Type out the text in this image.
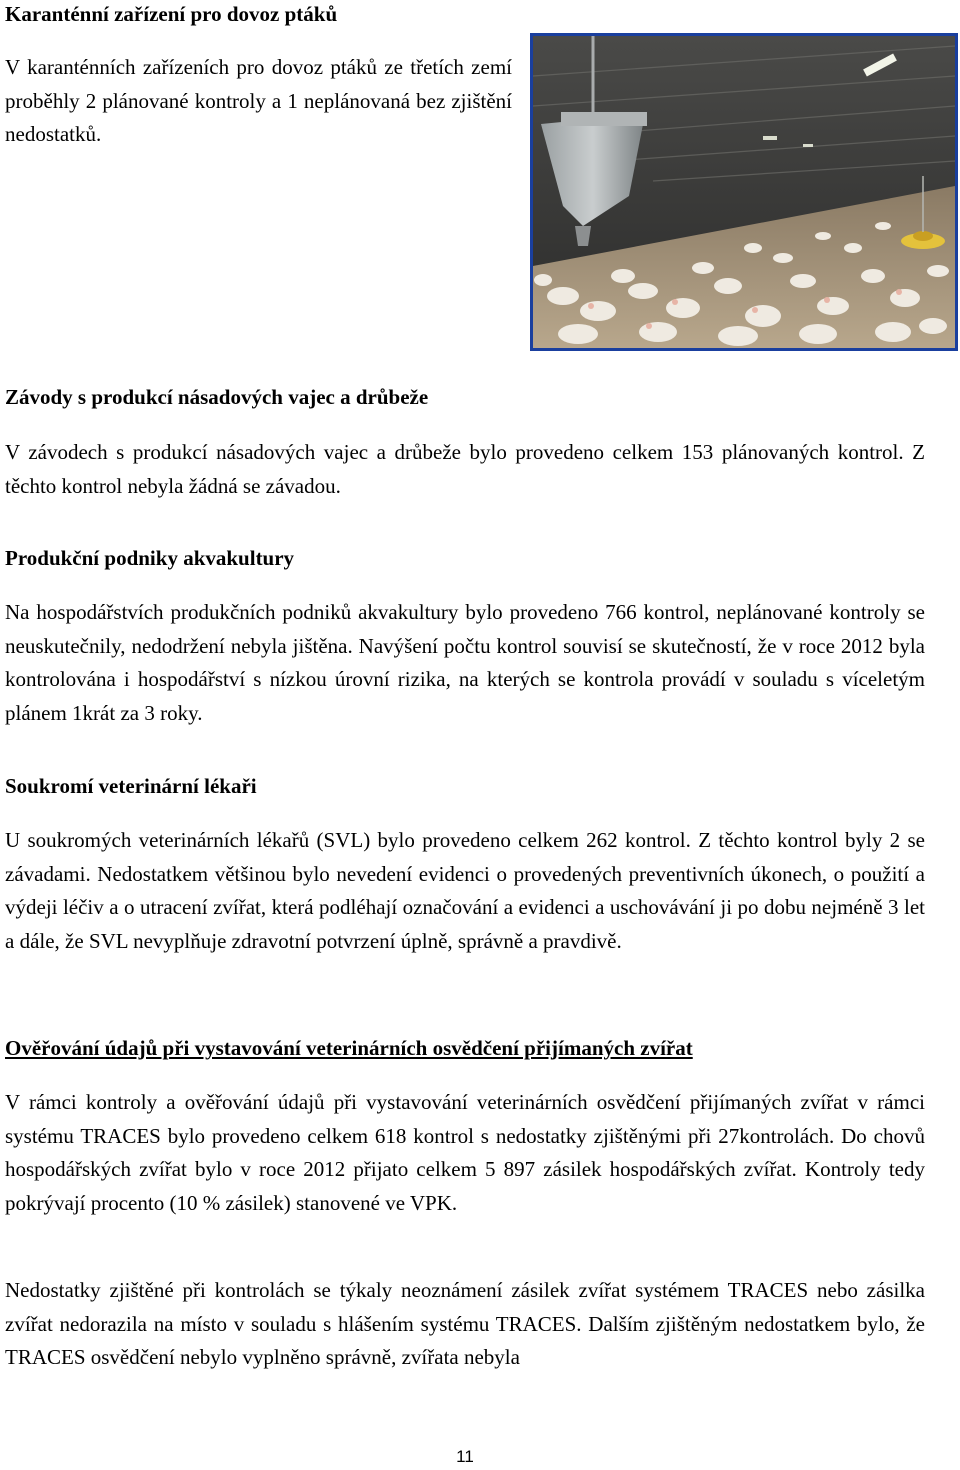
Karanténní zařízení pro dovoz ptáků

V karanténních zařízeních pro dovoz ptáků ze třetích zemí proběhly 2 plánované kontroly a 1 neplánovaná bez zjištění nedostatků.

Závody s produkcí násadových vajec a drůbeže

V závodech s produkcí násadových vajec a drůbeže bylo provedeno celkem 153 plánovaných kontrol. Z těchto kontrol nebyla žádná se závadou.

Produkční podniky akvakultury

Na hospodářstvích produkčních podniků akvakultury bylo provedeno 766 kontrol, neplánované kontroly se neuskutečnily, nedodržení nebyla jištěna. Navýšení počtu kontrol souvisí se skutečností, že v roce 2012 byla kontrolována i hospodářství s nízkou úrovní rizika, na kterých se kontrola provádí v souladu s víceletým plánem 1krát za 3 roky.

Soukromí veterinární lékaři

U soukromých veterinárních lékařů (SVL) bylo provedeno celkem 262 kontrol. Z těchto kontrol byly 2 se závadami. Nedostatkem většinou bylo nevedení evidenci o provedených preventivních úkonech, o použití a výdeji léčiv a o utracení zvířat, která podléhají označování a evidenci a uschovávání ji po dobu nejméně 3 let a dále, že SVL nevyplňuje zdravotní potvrzení úplně, správně a pravdivě.

Ověřování údajů při vystavování veterinárních osvědčení přijímaných zvířat

V rámci kontroly a ověřování údajů při vystavování veterinárních osvědčení přijímaných zvířat v rámci systému TRACES bylo provedeno celkem 618 kontrol s nedostatky zjištěnými při 27kontrolách. Do chovů hospodářských zvířat bylo v roce 2012 přijato celkem 5 897 zásilek hospodářských zvířat. Kontroly tedy pokrývají procento (10 % zásilek) stanovené ve VPK.

Nedostatky zjištěné při kontrolách se týkaly neoznámení zásilek zvířat systémem TRACES nebo zásilka zvířat nedorazila na místo v souladu s hlášením systému TRACES. Dalším zjištěným nedostatkem bylo, že TRACES osvědčení nebylo vyplněno správně, zvířata nebyla

11
